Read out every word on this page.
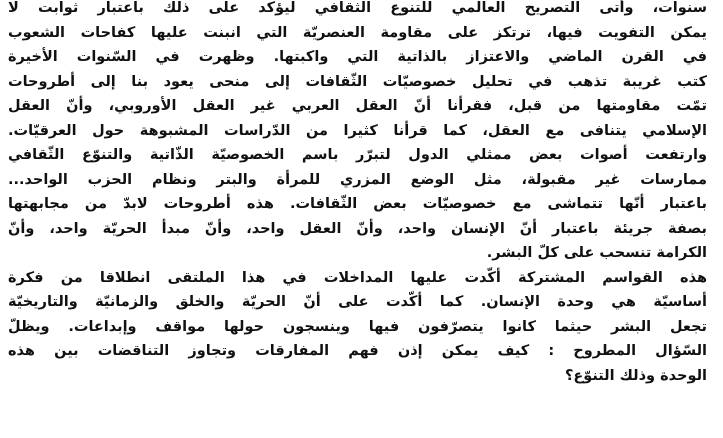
سنوات، وأتى التصريح العالمي للتنوع الثقافي ليؤكد على ذلك باعتبار ثوابت لا
يمكن التفويت فيها، ترتكز على مقاومة العنصريّة التي انبنت عليها كفاحات الشعوب
في القرن الماضي والاعتزاز بالذاتية التي واكبتها. وظهرت في السّنوات الأخيرة
كتب غريبة تذهب في تحليل خصوصيّات الثّقافات إلى منحى يعود بنا إلى أطروحات
تمّت مقاومتها من قبل، فقرأنا أنّ العقل العربي غير العقل الأوروبي، وأنّ العقل
الإسلامي يتنافى مع العقل، كما قرأنا كثيرا من الدّراسات المشبوهة حول العرقيّات.
وارتفعت أصوات بعض ممثلي الدول لتبرّر باسم الخصوصيّة الذّاتية والتنوّع الثّقافي
ممارسات غير مقبولة، مثل الوضع المزري للمرأة والبتر ونظام الحزب الواحد...
باعتبار أنّها تتماشى مع خصوصيّات بعض الثّقافات. هذه أطروحات لابدّ من مجابهتها
بصفة جريئة باعتبار أنّ الإنسان واحد، وأنّ العقل واحد، وأنّ مبدأ الحريّة واحد، وأنّ
الكرامة تنسحب على كلّ البشر.
هذه القواسم المشتركة أكّدت عليها المداخلات في هذا الملتقى انطلاقا من فكرة
أساسيّة هي وحدة الإنسان. كما أكّدت على أنّ الحريّة والخلق والزمانيّة والتاريخيّة
تجعل البشر حيثما كانوا يتصرّفون فيها وينسجون حولها مواقف وإبداعات. ويظلّ
السّؤال المطروح : كيف يمكن إذن فهم المفارقات وتجاوز التناقضات بين هذه
الوحدة وذلك التنوّع؟
